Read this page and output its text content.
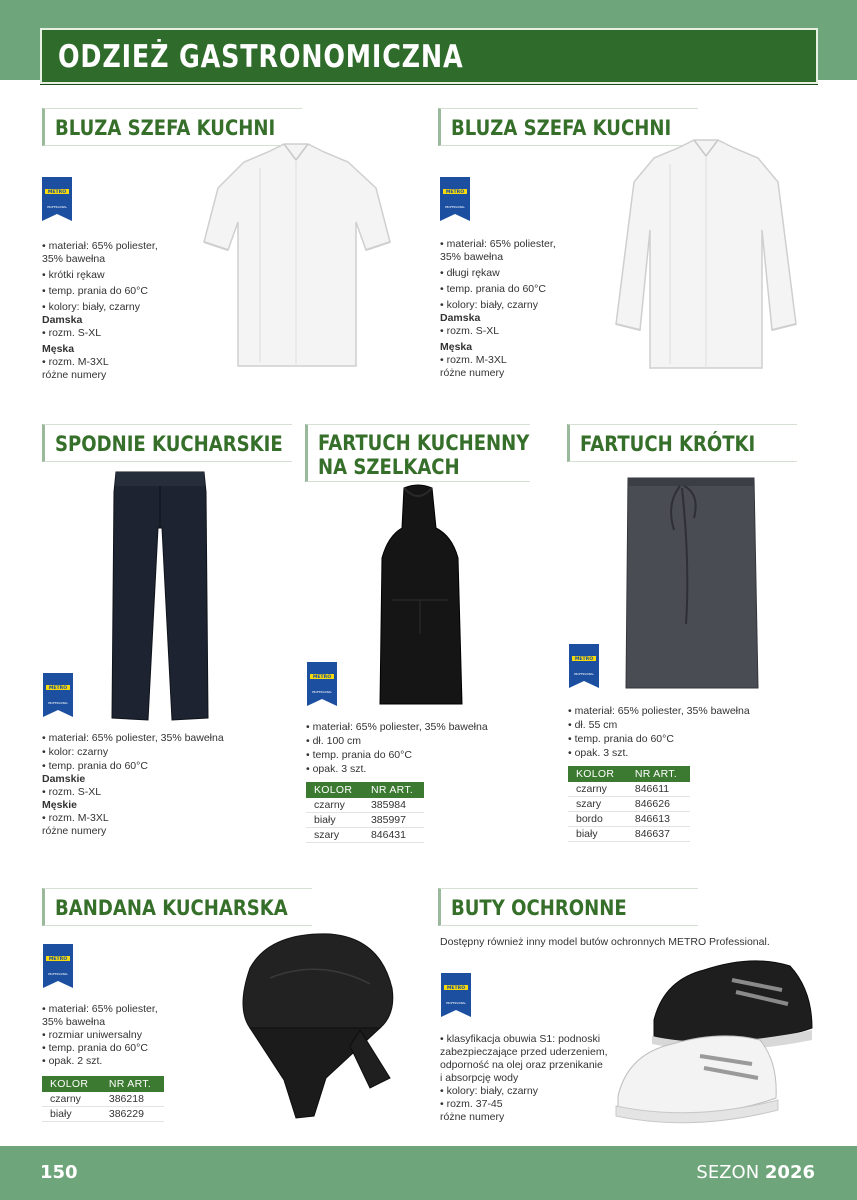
ODZIEŻ GASTRONOMICZNA
BLUZA SZEFA KUCHNI
METRO
PROFESSIONAL
• materiał: 65% poliester,
35% bawełna
• krótki rękaw
• temp. prania do 60°C
• kolory: biały, czarny
Damska
• rozm. S-XL
Męska
• rozm. M-3XL
różne numery
BLUZA SZEFA KUCHNI
METRO
PROFESSIONAL
• materiał: 65% poliester,
35% bawełna
• długi rękaw
• temp. prania do 60°C
• kolory: biały, czarny
Damska
• rozm. S-XL
Męska
• rozm. M-3XL
różne numery
SPODNIE KUCHARSKIE
METRO
PROFESSIONAL
• materiał: 65% poliester, 35% bawełna
• kolor: czarny
• temp. prania do 60°C
Damskie
• rozm. S-XL
Męskie
• rozm. M-3XL
różne numery
FARTUCH KUCHENNY
NA SZELKACH
METRO
PROFESSIONAL
• materiał: 65% poliester, 35% bawełna
• dł. 100 cm
• temp. prania do 60°C
• opak. 3 szt.
KOLOR	NR ART.
czarny	385984
biały	385997
szary	846431
FARTUCH KRÓTKI
METRO
PROFESSIONAL
• materiał: 65% poliester, 35% bawełna
• dł. 55 cm
• temp. prania do 60°C
• opak. 3 szt.
KOLOR	NR ART.
czarny	846611
szary	846626
bordo	846613
biały	846637
BANDANA KUCHARSKA
METRO
PROFESSIONAL
• materiał: 65% poliester,
35% bawełna
• rozmiar uniwersalny
• temp. prania do 60°C
• opak. 2 szt.
KOLOR	NR ART.
czarny	386218
biały	386229
BUTY OCHRONNE
Dostępny również inny model butów ochronnych METRO Professional.
METRO
PROFESSIONAL
• klasyfikacja obuwia S1: podnoski
zabezpieczające przed uderzeniem,
odporność na olej oraz przenikanie
i absorpcję wody
• kolory: biały, czarny
• rozm. 37-45
różne numery
150	SEZON 2026
